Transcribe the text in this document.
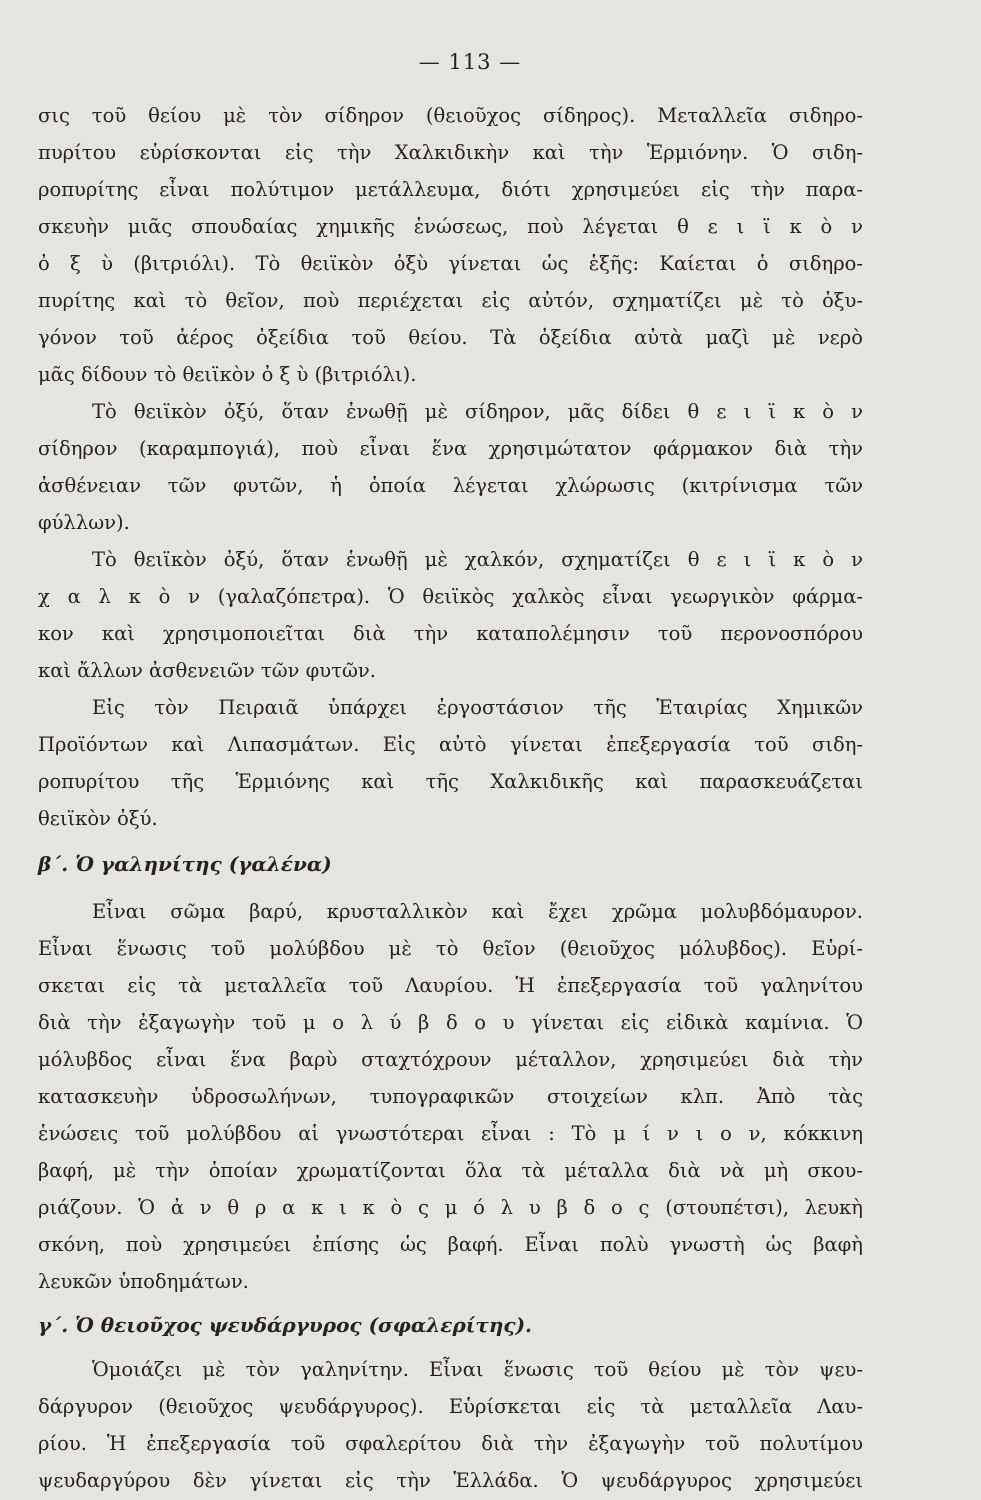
— 113 —
σις τοῦ θείου μὲ τὸν σίδηρον (θειοῦχος σίδηρος). Μεταλλεῖα σιδηρο-
πυρίτου εὑρίσκονται εἰς τὴν Χαλκιδικὴν καὶ τὴν Ἑρμιόνην. Ὁ σιδη-
ροπυρίτης εἶναι πολύτιμον μετάλλευμα, διότι χρησιμεύει εἰς τὴν παρα-
σκευὴν μιᾶς σπουδαίας χημικῆς ἑνώσεως, ποὺ λέγεται θ ε ι ϊ κ ὸ ν
ὀ ξ ὺ (βιτριόλι). Τὸ θειϊκὸν ὀξὺ γίνεται ὡς ἑξῆς: Καίεται ὁ σιδηρο-
πυρίτης καὶ τὸ θεῖον, ποὺ περιέχεται εἰς αὐτόν, σχηματίζει μὲ τὸ ὀξυ-
γόνον τοῦ ἀέρος ὀξείδια τοῦ θείου. Τὰ ὀξείδια αὐτὰ μαζὶ μὲ νερὸ
μᾶς δίδουν τὸ θειϊκὸν ὀ ξ ὺ (βιτριόλι).
Τὸ θειϊκὸν ὀξύ, ὅταν ἑνωθῇ μὲ σίδηρον, μᾶς δίδει θ ε ι ϊ κ ὸ ν
σίδηρον (καραμπογιά), ποὺ εἶναι ἕνα χρησιμώτατον φάρμακον διὰ τὴν
ἀσθένειαν τῶν φυτῶν, ἡ ὁποία λέγεται χλώρωσις (κιτρίνισμα τῶν
φύλλων).
Τὸ θειϊκὸν ὀξύ, ὅταν ἑνωθῇ μὲ χαλκόν, σχηματίζει θ ε ι ϊ κ ὸ ν
χ α λ κ ὸ ν (γαλαζόπετρα). Ὁ θειϊκὸς χαλκὸς εἶναι γεωργικὸν φάρμα-
κον καὶ χρησιμοποιεῖται διὰ τὴν καταπολέμησιν τοῦ περονοσπόρου
καὶ ἄλλων ἀσθενειῶν τῶν φυτῶν.
Εἰς τὸν Πειραιᾶ ὑπάρχει ἐργοστάσιον τῆς Ἑταιρίας Χημικῶν
Προϊόντων καὶ Λιπασμάτων. Εἰς αὐτὸ γίνεται ἐπεξεργασία τοῦ σιδη-
ροπυρίτου τῆς Ἑρμιόνης καὶ τῆς Χαλκιδικῆς καὶ παρασκευάζεται
θειϊκὸν ὀξύ.
β΄. Ὁ γαληνίτης (γαλένα)
Εἶναι σῶμα βαρύ, κρυσταλλικὸν καὶ ἔχει χρῶμα μολυβδόμαυρον.
Εἶναι ἕνωσις τοῦ μολύβδου μὲ τὸ θεῖον (θειοῦχος μόλυβδος). Εὑρί-
σκεται εἰς τὰ μεταλλεῖα τοῦ Λαυρίου. Ἡ ἐπεξεργασία τοῦ γαληνίτου
διὰ τὴν ἐξαγωγὴν τοῦ μ ο λ ύ β δ ο υ γίνεται εἰς εἰδικὰ καμίνια. Ὁ
μόλυβδος εἶναι ἕνα βαρὺ σταχτόχρουν μέταλλον, χρησιμεύει διὰ τὴν
κατασκευὴν ὑδροσωλήνων, τυπογραφικῶν στοιχείων κλπ. Ἀπὸ τὰς
ἑνώσεις τοῦ μολύβδου αἱ γνωστότεραι εἶναι : Τὸ μ ί ν ι ο ν, κόκκινη
βαφή, μὲ τὴν ὁποίαν χρωματίζονται ὅλα τὰ μέταλλα διὰ νὰ μὴ σκου-
ριάζουν. Ὁ ἀ ν θ ρ α κ ι κ ὸ ς μ ό λ υ β δ ο ς (στουπέτσι), λευκὴ
σκόνη, ποὺ χρησιμεύει ἐπίσης ὡς βαφή. Εἶναι πολὺ γνωστὴ ὡς βαφὴ
λευκῶν ὑποδημάτων.
γ΄. Ὁ θειοῦχος ψευδάργυρος (σφαλερίτης).
Ὁμοιάζει μὲ τὸν γαληνίτην. Εἶναι ἕνωσις τοῦ θείου μὲ τὸν ψευ-
δάργυρον (θειοῦχος ψευδάργυρος). Εὑρίσκεται εἰς τὰ μεταλλεῖα Λαυ-
ρίου. Ἡ ἐπεξεργασία τοῦ σφαλερίτου διὰ τὴν ἐξαγωγὴν τοῦ πολυτίμου
ψευδαργύρου δὲν γίνεται εἰς τὴν Ἑλλάδα. Ὁ ψευδάργυρος χρησιμεύει
